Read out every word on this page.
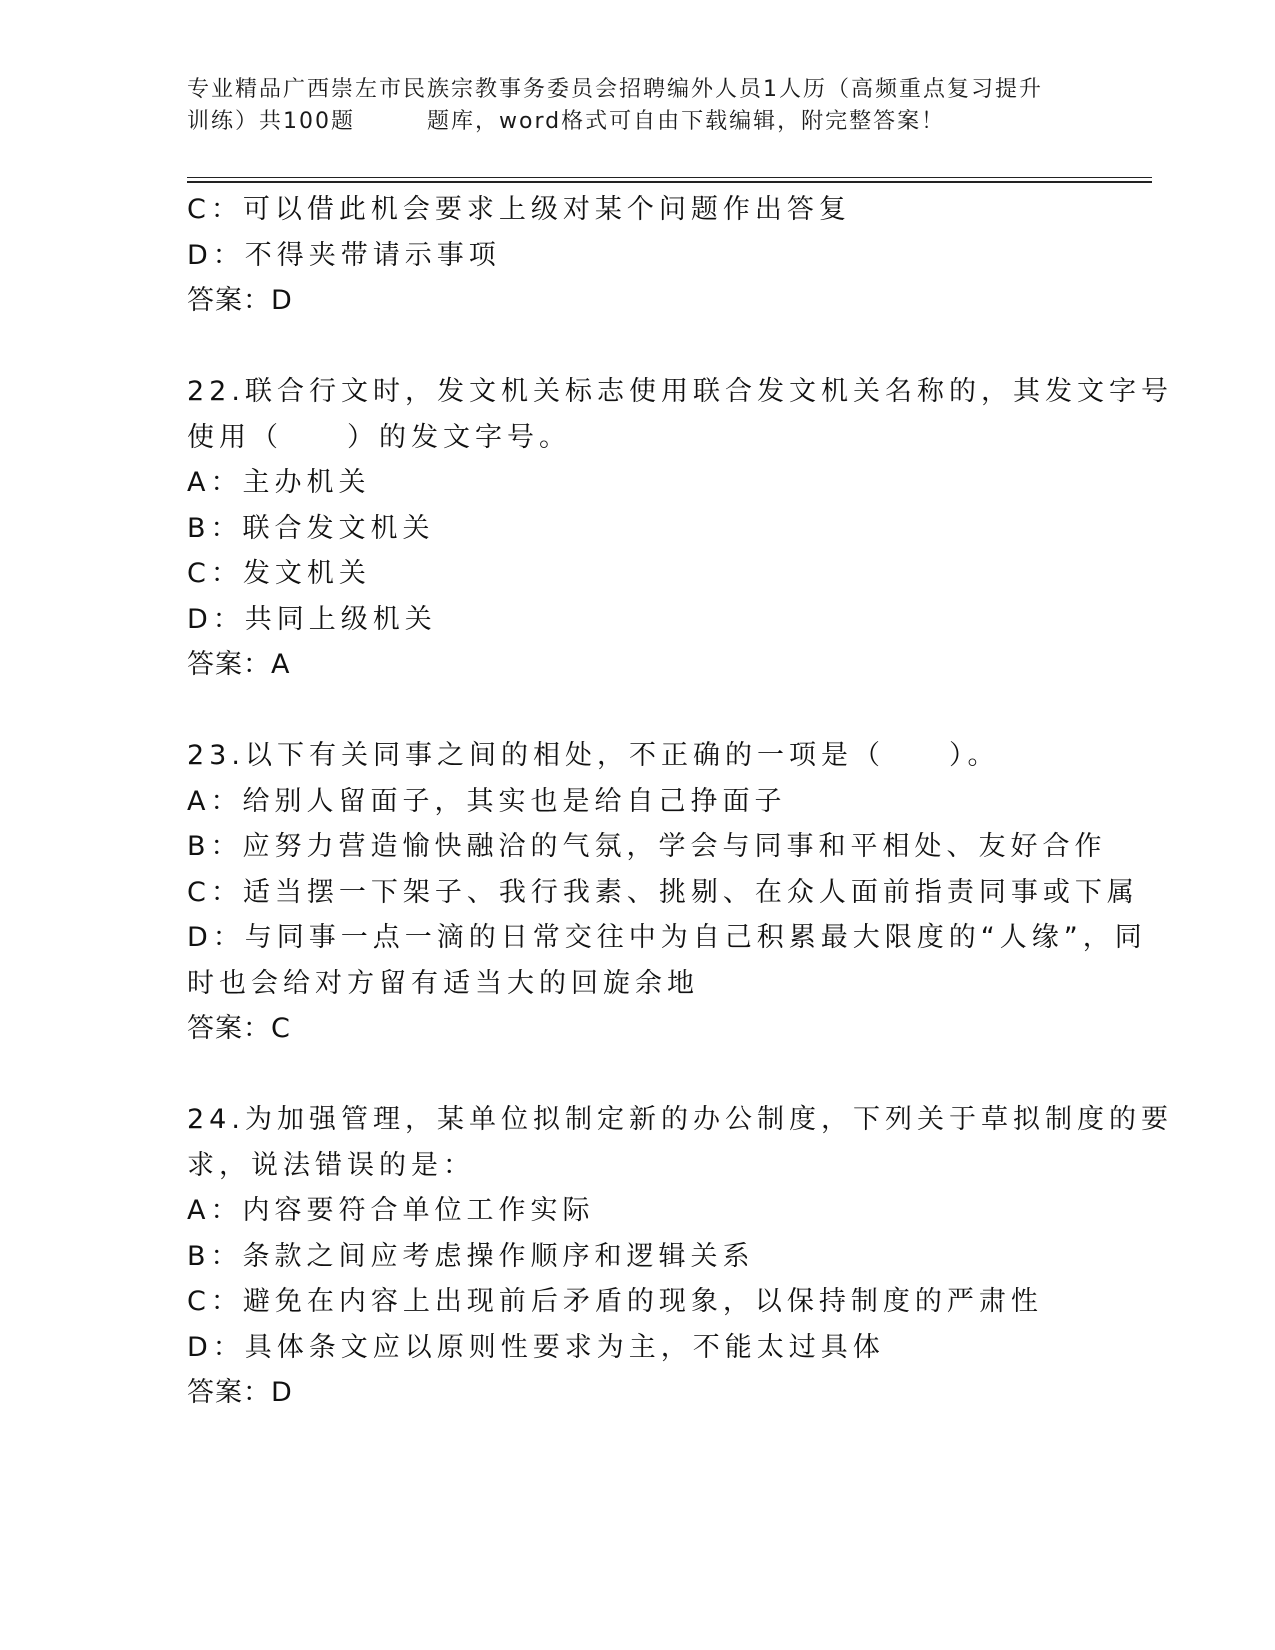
专业精品广西崇左市民族宗教事务委员会招聘编外人员1人历（高频重点复习提升
训练）共100题	题库，word格式可自由下载编辑，附完整答案！
C：可以借此机会要求上级对某个问题作出答复
D：不得夹带请示事项
答案：D
22.联合行文时，发文机关标志使用联合发文机关名称的，其发文字号
使用（　　）的发文字号。
A：主办机关
B：联合发文机关
C：发文机关
D：共同上级机关
答案：A
23.以下有关同事之间的相处，不正确的一项是（　　）。
A：给别人留面子，其实也是给自己挣面子
B：应努力营造愉快融洽的气氛，学会与同事和平相处、友好合作
C：适当摆一下架子、我行我素、挑剔、在众人面前指责同事或下属
D：与同事一点一滴的日常交往中为自己积累最大限度的“人缘”，同
时也会给对方留有适当大的回旋余地
答案：C
24.为加强管理，某单位拟制定新的办公制度，下列关于草拟制度的要
求，说法错误的是：
A：内容要符合单位工作实际
B：条款之间应考虑操作顺序和逻辑关系
C：避免在内容上出现前后矛盾的现象，以保持制度的严肃性
D：具体条文应以原则性要求为主，不能太过具体
答案：D
